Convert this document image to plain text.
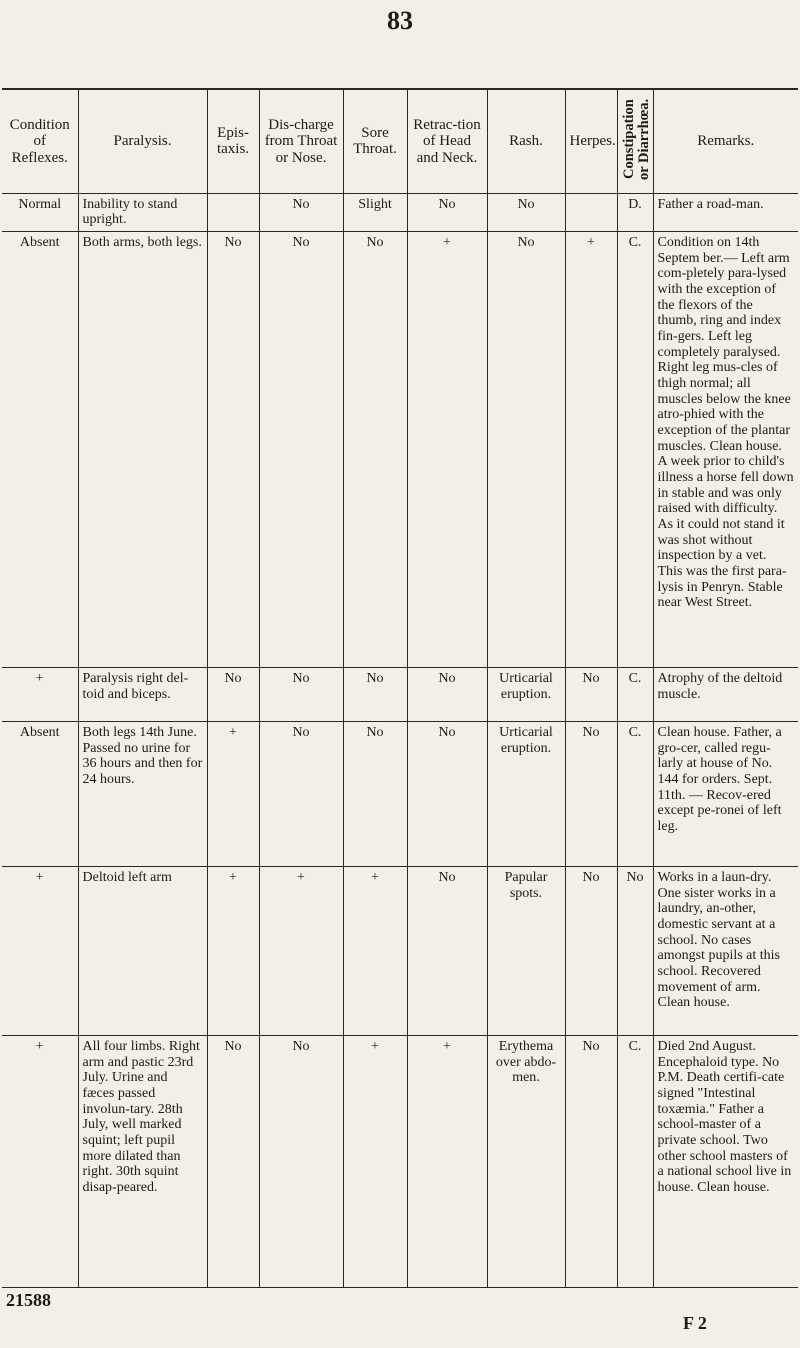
83
Condition of Reflexes.	Paralysis.	Epis-taxis.	Dis-charge from Throat or Nose.	Sore Throat.	Retrac-tion of Head and Neck.	Rash.	Herpes.	Constipation or Diarrhœa.	Remarks.
Normal	Inability to stand upright.		No	Slight	No	No		D.	Father a road-man.
Absent	Both arms, both legs.	No	No	No	+	No	+	C.	Condition on 14th Septem ber.— Left arm com-pletely para-lysed with the exception of the flexors of the thumb, ring and index fin-gers. Left leg completely paralysed. Right leg mus-cles of thigh normal; all muscles below the knee atro-phied with the exception of the plantar muscles. Clean house. A week prior to child's illness a horse fell down in stable and was only raised with difficulty. As it could not stand it was shot without inspection by a vet. This was the first para-lysis in Penryn. Stable near West Street.
+	Paralysis right del-toid and biceps.	No	No	No	No	Urticarial eruption.	No	C.	Atrophy of the deltoid muscle.
Absent	Both legs 14th June. Passed no urine for 36 hours and then for 24 hours.	+	No	No	No	Urticarial eruption.	No	C.	Clean house. Father, a gro-cer, called regu-larly at house of No. 144 for orders. Sept. 11th. — Recov-ered except pe-ronei of left leg.
+	Deltoid left arm	+	+	+	No	Papular spots.	No	No	Works in a laun-dry. One sister works in a laundry, an-other, domestic servant at a school. No cases amongst pupils at this school. Recovered movement of arm. Clean house.
+	All four limbs. Right arm and pastic 23rd July. Urine and fæces passed involun-tary. 28th July, well marked squint; left pupil more dilated than right. 30th squint disap-peared.	No	No	+	+	Erythema over abdo-men.	No	C.	Died 2nd August. Encephaloid type. No P.M. Death certifi-cate signed "Intestinal toxæmia." Father a school-master of a private school. Two other school masters of a national school live in house. Clean house.
21588
F 2
